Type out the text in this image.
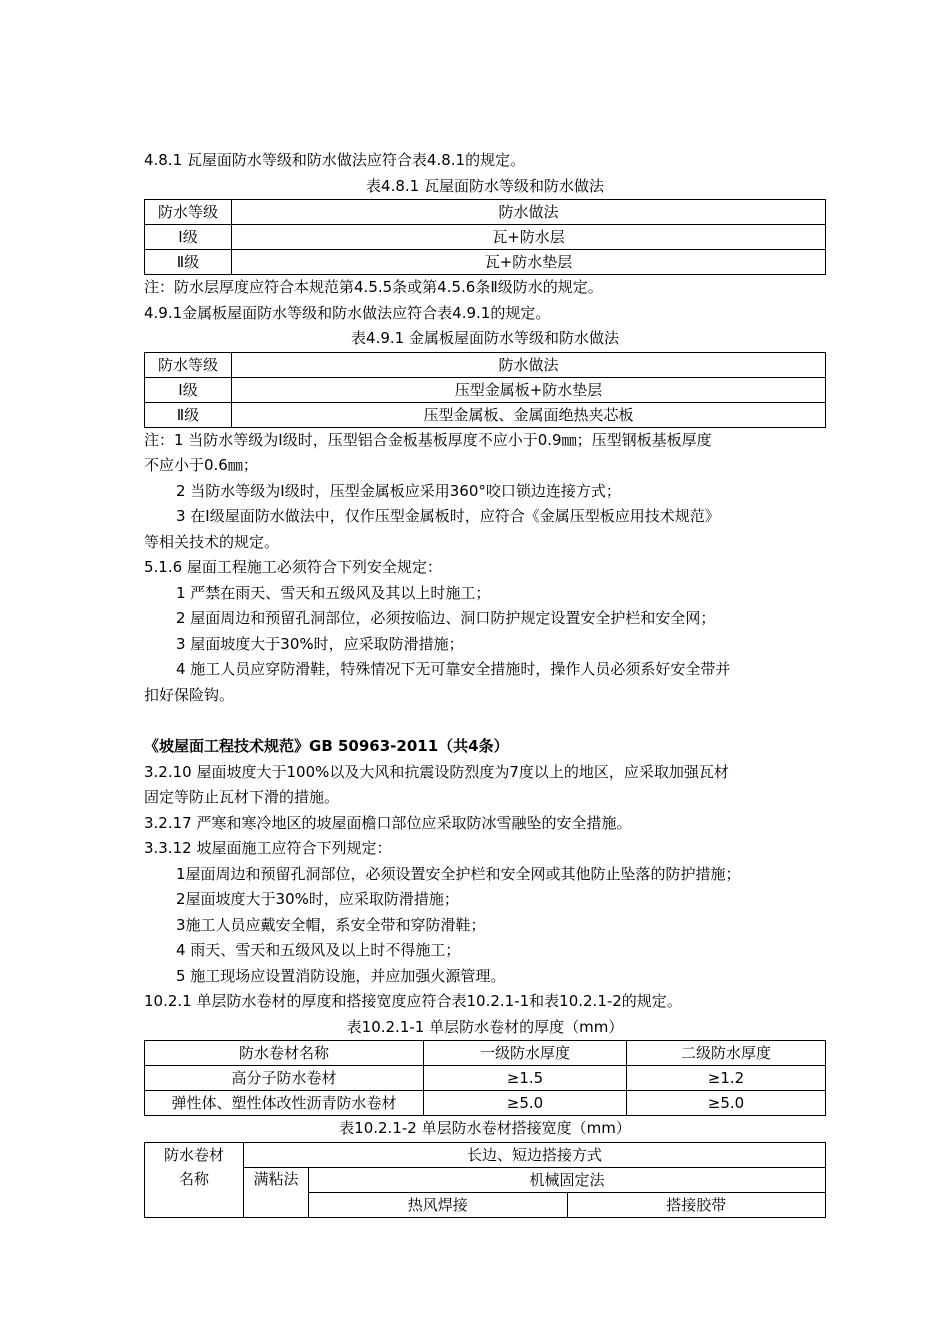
4.8.1 瓦屋面防水等级和防水做法应符合表4.8.1的规定。

表4.8.1 瓦屋面防水等级和防水做法

防水等级	防水做法
Ⅰ级	瓦+防水层
Ⅱ级	瓦+防水垫层

注：防水层厚度应符合本规范第4.5.5条或第4.5.6条Ⅱ级防水的规定。

4.9.1金属板屋面防水等级和防水做法应符合表4.9.1的规定。

表4.9.1 金属板屋面防水等级和防水做法

防水等级	防水做法
Ⅰ级	压型金属板+防水垫层
Ⅱ级	压型金属板、金属面绝热夹芯板

注：1 当防水等级为Ⅰ级时，压型铝合金板基板厚度不应小于0.9㎜；压型钢板基板厚度

不应小于0.6㎜；

2 当防水等级为Ⅰ级时，压型金属板应采用360°咬口锁边连接方式；

3 在Ⅰ级屋面防水做法中，仅作压型金属板时，应符合《金属压型板应用技术规范》

等相关技术的规定。

5.1.6 屋面工程施工必须符合下列安全规定：

1 严禁在雨天、雪天和五级风及其以上时施工；

2 屋面周边和预留孔洞部位，必须按临边、洞口防护规定设置安全护栏和安全网；

3 屋面坡度大于30%时，应采取防滑措施；

4 施工人员应穿防滑鞋，特殊情况下无可靠安全措施时，操作人员必须系好安全带并

扣好保险钩。

《坡屋面工程技术规范》GB 50963-2011（共4条）

3.2.10 屋面坡度大于100%以及大风和抗震设防烈度为7度以上的地区，应采取加强瓦材

固定等防止瓦材下滑的措施。

3.2.17 严寒和寒冷地区的坡屋面檐口部位应采取防冰雪融坠的安全措施。

3.3.12 坡屋面施工应符合下列规定：

1屋面周边和预留孔洞部位，必须设置安全护栏和安全网或其他防止坠落的防护措施；

2屋面坡度大于30%时，应采取防滑措施；

3施工人员应戴安全帽，系安全带和穿防滑鞋；

4 雨天、雪天和五级风及以上时不得施工；

5 施工现场应设置消防设施，并应加强火源管理。

10.2.1 单层防水卷材的厚度和搭接宽度应符合表10.2.1-1和表10.2.1-2的规定。

表10.2.1-1 单层防水卷材的厚度（mm）

防水卷材名称	一级防水厚度	二级防水厚度
高分子防水卷材	≥1.5	≥1.2
弹性体、塑性体改性沥青防水卷材	≥5.0	≥5.0

表10.2.1-2 单层防水卷材搭接宽度（mm）

防水卷材
名称	长边、短边搭接方式		
	满粘法	机械固定法	
		热风焊接	搭接胶带
